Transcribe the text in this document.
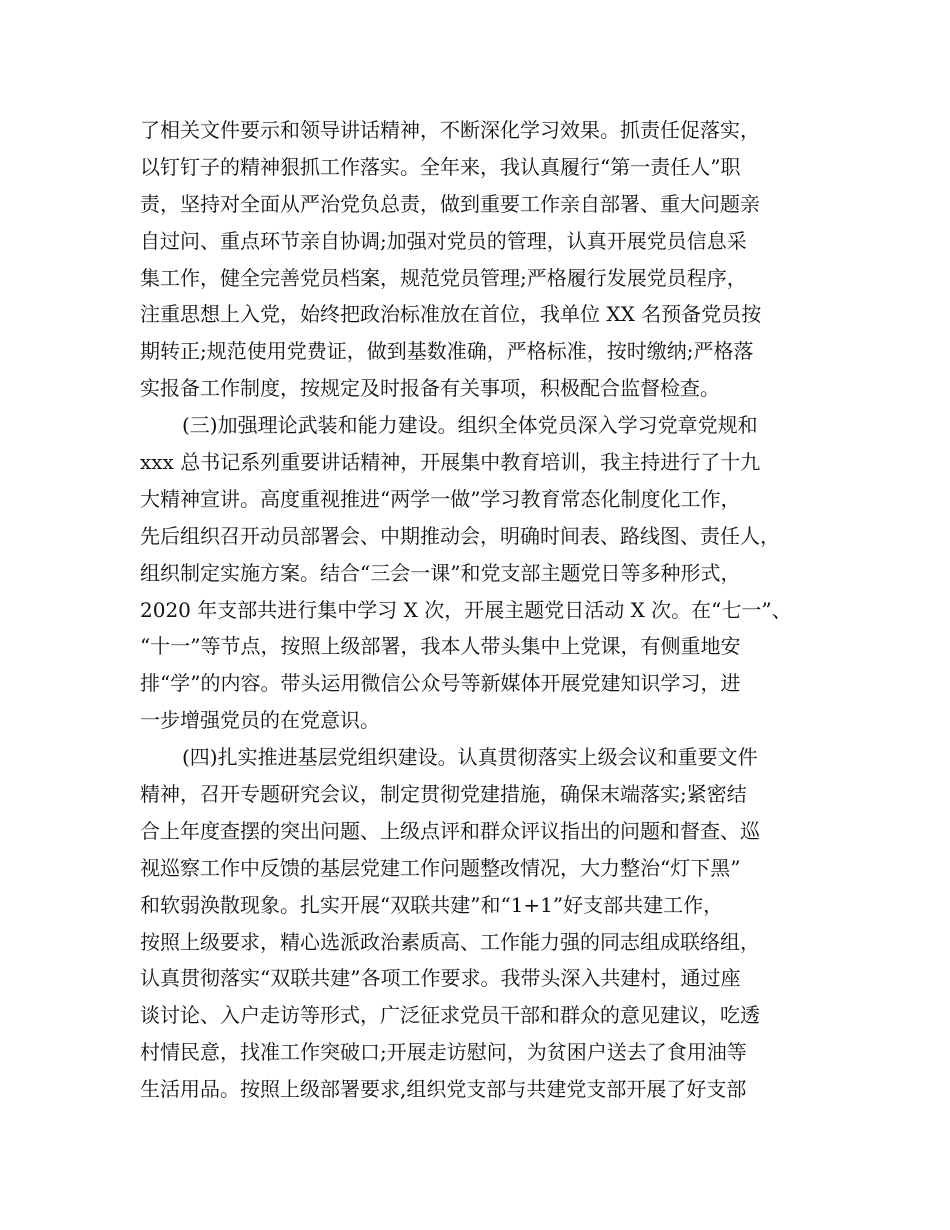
了相关文件要示和领导讲话精神，不断深化学习效果。抓责任促落实，
以钉钉子的精神狠抓工作落实。全年来，我认真履行“第一责任人”职
责，坚持对全面从严治党负总责，做到重要工作亲自部署、重大问题亲
自过问、重点环节亲自协调;加强对党员的管理，认真开展党员信息采
集工作，健全完善党员档案，规范党员管理;严格履行发展党员程序，
注重思想上入党，始终把政治标准放在首位，我单位 XX 名预备党员按
期转正;规范使用党费证，做到基数准确，严格标准，按时缴纳;严格落
实报备工作制度，按规定及时报备有关事项，积极配合监督检查。
(三)加强理论武装和能力建设。组织全体党员深入学习党章党规和
xxx 总书记系列重要讲话精神，开展集中教育培训，我主持进行了十九
大精神宣讲。高度重视推进“两学一做”学习教育常态化制度化工作，
先后组织召开动员部署会、中期推动会，明确时间表、路线图、责任人，
组织制定实施方案。结合“三会一课”和党支部主题党日等多种形式，
2020 年支部共进行集中学习 X 次，开展主题党日活动 X 次。在“七一”、
“十一”等节点，按照上级部署，我本人带头集中上党课，有侧重地安
排“学”的内容。带头运用微信公众号等新媒体开展党建知识学习，进
一步增强党员的在党意识。
(四)扎实推进基层党组织建设。认真贯彻落实上级会议和重要文件
精神，召开专题研究会议，制定贯彻党建措施，确保末端落实;紧密结
合上年度查摆的突出问题、上级点评和群众评议指出的问题和督查、巡
视巡察工作中反馈的基层党建工作问题整改情况，大力整治“灯下黑”
和软弱涣散现象。扎实开展“双联共建”和“1+1”好支部共建工作，
按照上级要求，精心选派政治素质高、工作能力强的同志组成联络组，
认真贯彻落实“双联共建”各项工作要求。我带头深入共建村，通过座
谈讨论、入户走访等形式，广泛征求党员干部和群众的意见建议，吃透
村情民意，找准工作突破口;开展走访慰问，为贫困户送去了食用油等
生活用品。按照上级部署要求,组织党支部与共建党支部开展了好支部
